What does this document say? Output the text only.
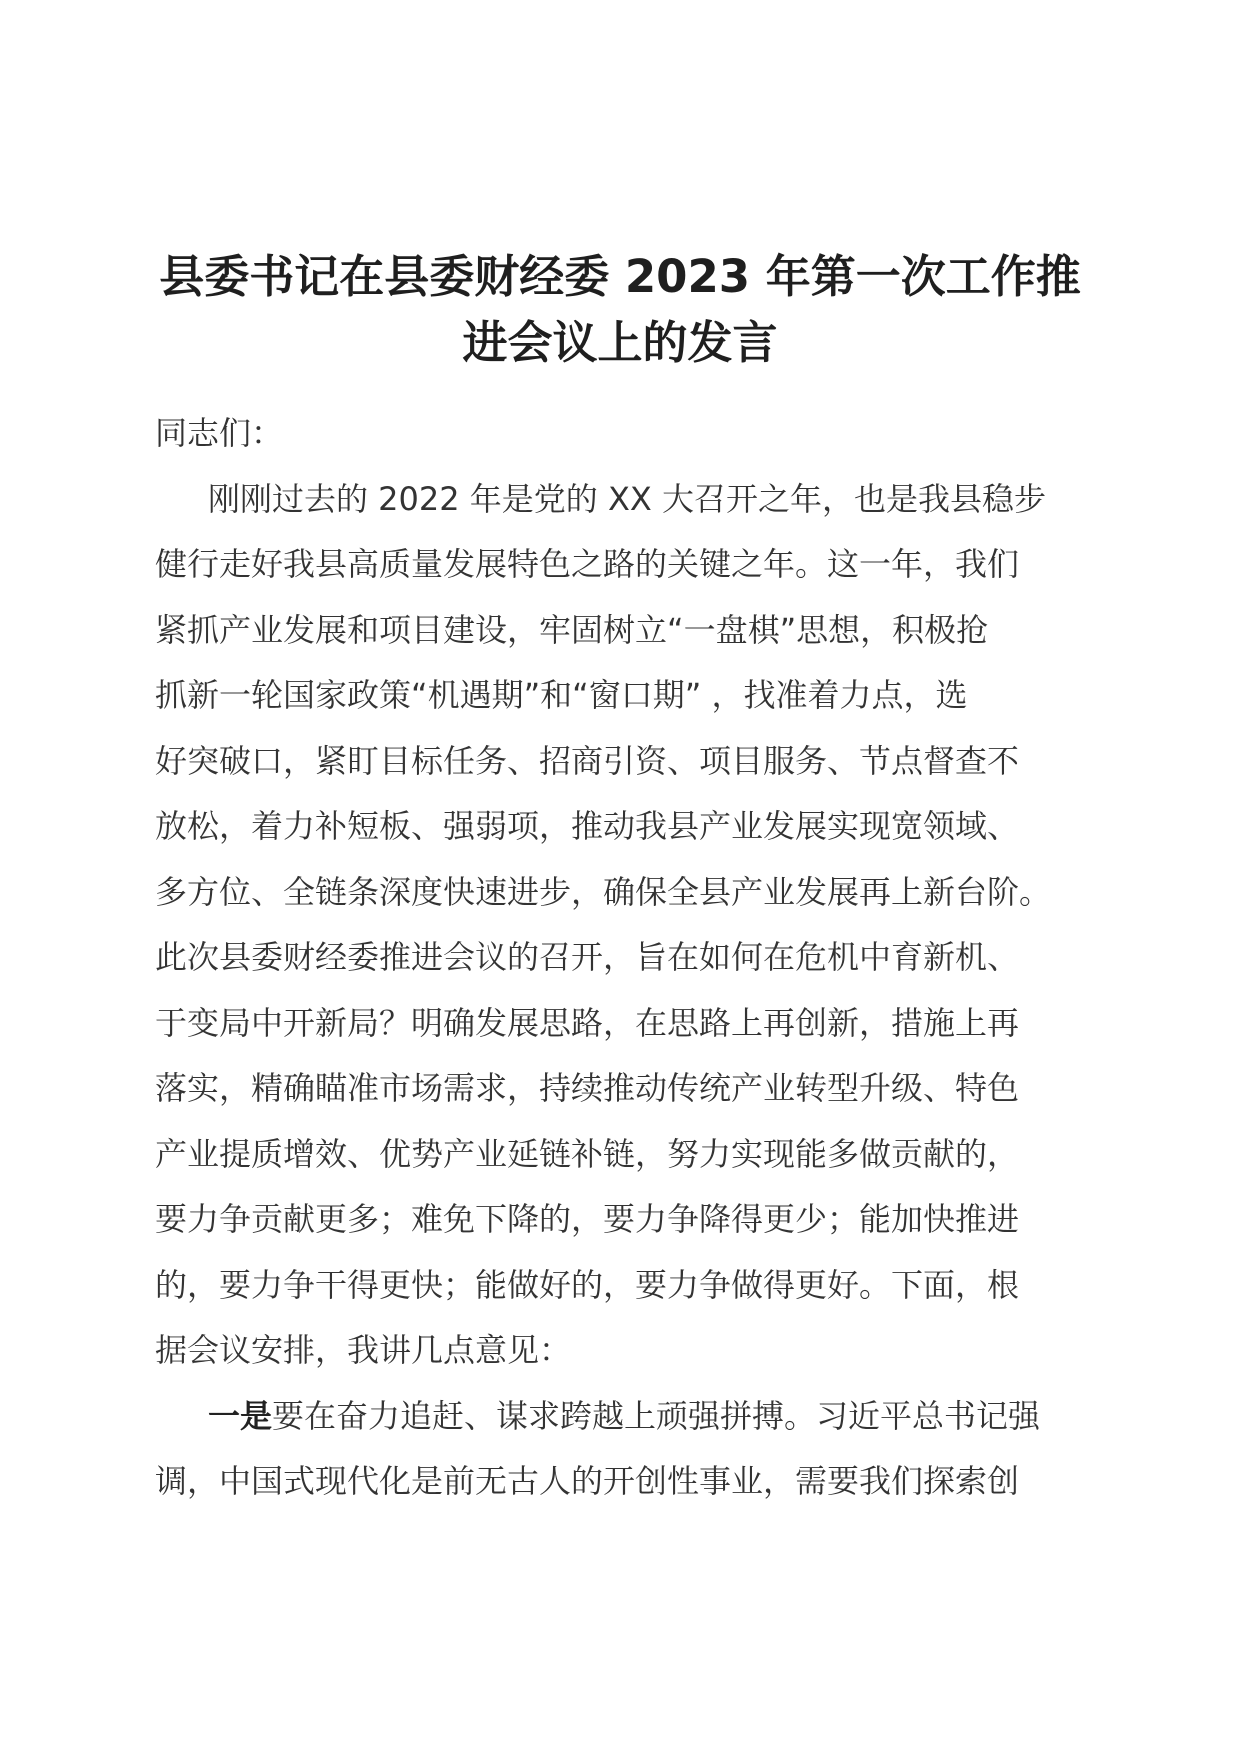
县委书记在县委财经委 2023 年第一次工作推
进会议上的发言
同志们：
刚刚过去的 2022 年是党的 XX 大召开之年，也是我县稳步
健行走好我县高质量发展特色之路的关键之年。这一年，我们
紧抓产业发展和项目建设，牢固树立“一盘棋”思想，积极抢
抓新一轮国家政策“机遇期”和“窗口期” ，找准着力点，选
好突破口，紧盯目标任务、招商引资、项目服务、节点督查不
放松，着力补短板、强弱项，推动我县产业发展实现宽领域、
多方位、全链条深度快速进步，确保全县产业发展再上新台阶。
此次县委财经委推进会议的召开，旨在如何在危机中育新机、
于变局中开新局？明确发展思路，在思路上再创新，措施上再
落实，精确瞄准市场需求，持续推动传统产业转型升级、特色
产业提质增效、优势产业延链补链，努力实现能多做贡献的，
要力争贡献更多；难免下降的，要力争降得更少；能加快推进
的，要力争干得更快；能做好的，要力争做得更好。下面，根
据会议安排，我讲几点意见：
一是要在奋力追赶、谋求跨越上顽强拼搏。习近平总书记强
调，中国式现代化是前无古人的开创性事业，需要我们探索创
